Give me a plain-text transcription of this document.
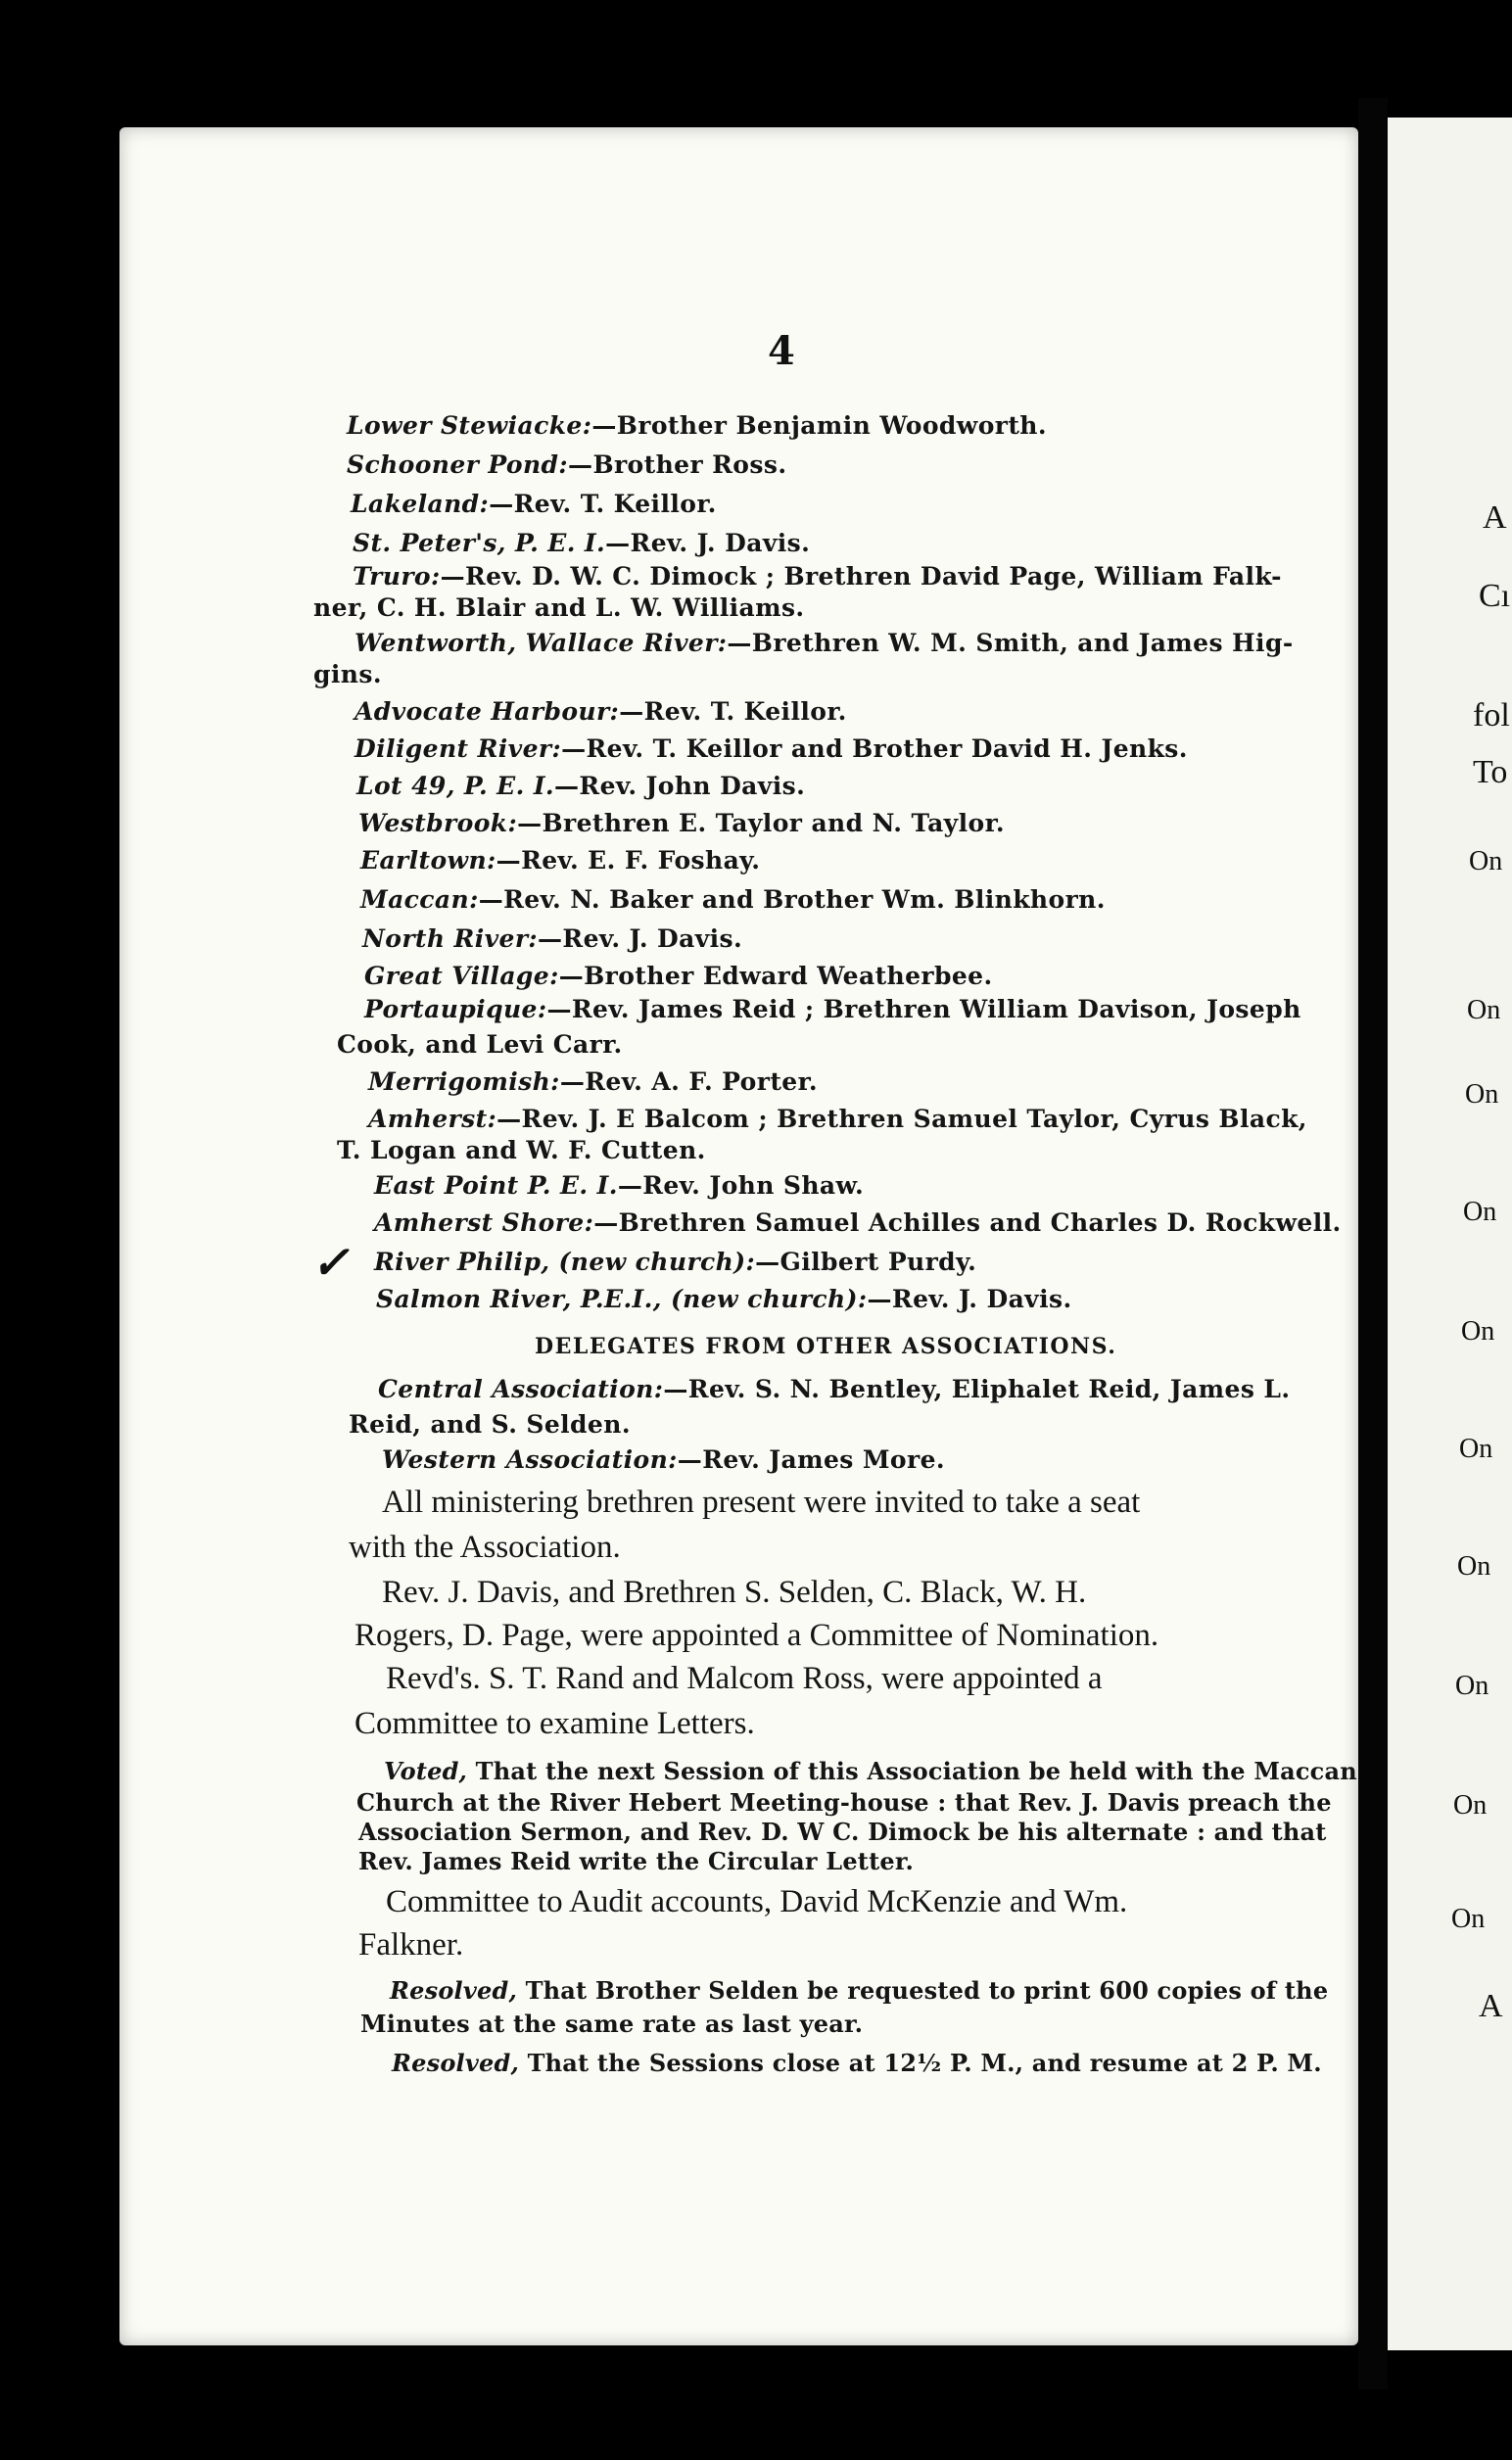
4
Lower Stewiacke:—Brother Benjamin Woodworth.
Schooner Pond:—Brother Ross.
Lakeland:—Rev. T. Keillor.
St. Peter's, P. E. I.—Rev. J. Davis.
Truro:—Rev. D. W. C. Dimock ; Brethren David Page, William Falk-
ner, C. H. Blair and L. W. Williams.
Wentworth, Wallace River:—Brethren W. M. Smith, and James Hig-
gins.
Advocate Harbour:—Rev. T. Keillor.
Diligent River:—Rev. T. Keillor and Brother David H. Jenks.
Lot 49, P. E. I.—Rev. John Davis.
Westbrook:—Brethren E. Taylor and N. Taylor.
Earltown:—Rev. E. F. Foshay.
Maccan:—Rev. N. Baker and Brother Wm. Blinkhorn.
North River:—Rev. J. Davis.
Great Village:—Brother Edward Weatherbee.
Portaupique:—Rev. James Reid ; Brethren William Davison, Joseph
Cook, and Levi Carr.
Merrigomish:—Rev. A. F. Porter.
Amherst:—Rev. J. E Balcom ; Brethren Samuel Taylor, Cyrus Black,
T. Logan and W. F. Cutten.
East Point P. E. I.—Rev. John Shaw.
Amherst Shore:—Brethren Samuel Achilles and Charles D. Rockwell.
River Philip, (new church):—Gilbert Purdy.
Salmon River, P.E.I., (new church):—Rev. J. Davis.
✓
DELEGATES FROM OTHER ASSOCIATIONS.
Central Association:—Rev. S. N. Bentley, Eliphalet Reid, James L.
Reid, and S. Selden.
Western Association:—Rev. James More.
All ministering brethren present were invited to take a seat
with the Association.
Rev. J. Davis, and Brethren S. Selden, C. Black, W. H.
Rogers, D. Page, were appointed a Committee of Nomination.
Revd's. S. T. Rand and Malcom Ross, were appointed a
Committee to examine Letters.
Voted, That the next Session of this Association be held with the Maccan
Church at the River Hebert Meeting-house : that Rev. J. Davis preach the
Association Sermon, and Rev. D. W C. Dimock be his alternate : and that
Rev. James Reid write the Circular Letter.
Committee to Audit accounts, David McKenzie and Wm.
Falkner.
Resolved, That Brother Selden be requested to print 600 copies of the
Minutes at the same rate as last year.
Resolved, That the Sessions close at 12½ P. M., and resume at 2 P. M.
A
Cı
fol
To
On
On
On
On
On
On
On
On
On
On
A
